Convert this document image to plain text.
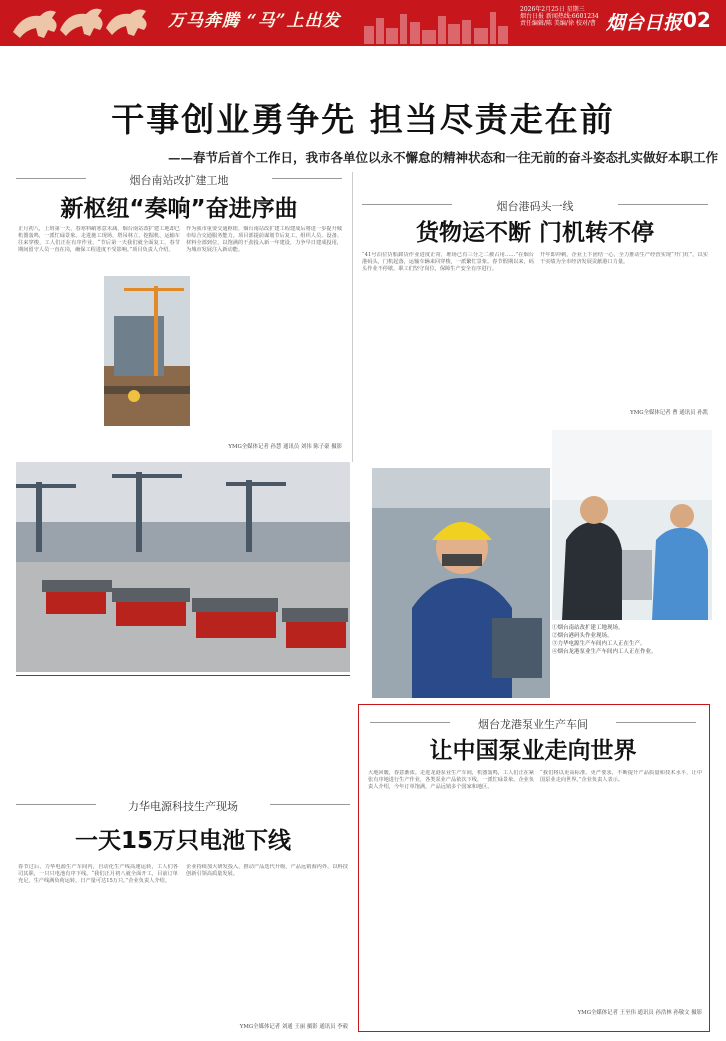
万马奔腾 “马”上出发
2026年2月25日 星期三
烟台日报 新闻热线:6601234
责任编辑/陈 美编/徐 校对/曹 烟台日报 02
干事创业勇争先 担当尽责走在前
——春节后首个工作日，我市各单位以永不懈怠的精神状态和一往无前的奋斗姿态扎实做好本职工作
烟台南站改扩建工地
新枢纽“奏响”奋进序曲
正月初八，上班第一天，春寒料峭寒意未减，烟台南站改扩建工地却已机器轰鸣，一派忙碌景象。走进施工现场，塔吊林立，挖掘机、运输车往来穿梭，工人们正在有序作业。“节后第一天我们就全面复工，春节期间留守人员一直在岗，确保工程进度不受影响。”项目负责人介绍。
作为我市重要交通枢纽，烟台南站改扩建工程建成后将进一步提升城市综合交通服务能力。项目部提前谋划节后复工，组织人员、设备、材料全部到位，以饱满的干劲投入新一年建设，力争早日建成投用，为城市发展注入新动能。
YMG全媒体记者 孙慧 通讯员 刘伟 陈子豪 摄影
烟台港码头一线
货物运不断 门机转不停
“41号泊位货船卸货作业进度正常，堆场已有三分之二被占用……”在烟台港码头，门机起落，运输车辆来回穿梭，一派繁忙景象。春节假期以来，码头作业不停歇，职工们坚守岗位，保障生产安全有序进行。
开年即冲刺，企业上下团结一心，全力推动生产经营实现“开门红”，以实干实绩为全市经济发展贡献港口力量。
YMG全媒体记者 曹 通讯员 孙凯
①烟台南站改扩建工地现场。
②烟台港码头作业现场。
③力华电源生产车间内工人正在生产。
④烟台龙港泵业生产车间内工人正在作业。
力华电源科技生产现场
一天15万只电池下线
春节过后，力华电源生产车间内，自动化生产线高速运转，工人们各司其职，一只只电池有序下线。“我们正月初八就全面开工，目前订单充足，生产线满负荷运转，日产量可达15万只。”企业负责人介绍。
企业持续加大研发投入，推动产品迭代升级，产品远销海内外，以科技创新引领高质量发展。
YMG全媒体记者 刘通 王丽 摄影 通讯员 李毅
烟台龙港泵业生产车间
让中国泵业走向世界
大地回暖，春意渐浓。走进龙港泵业生产车间，机器轰鸣，工人们正在紧张有序地进行生产作业，各类泵业产品依次下线，一派忙碌景象。企业负责人介绍，今年订单饱满，产品远销多个国家和地区。
“我们将以更高标准、更严要求，不断提升产品质量和技术水平，让中国泵业走向世界。”企业负责人表示。
YMG全媒体记者 王至伟 通讯员 孙浩林 孙敬文 摄影
